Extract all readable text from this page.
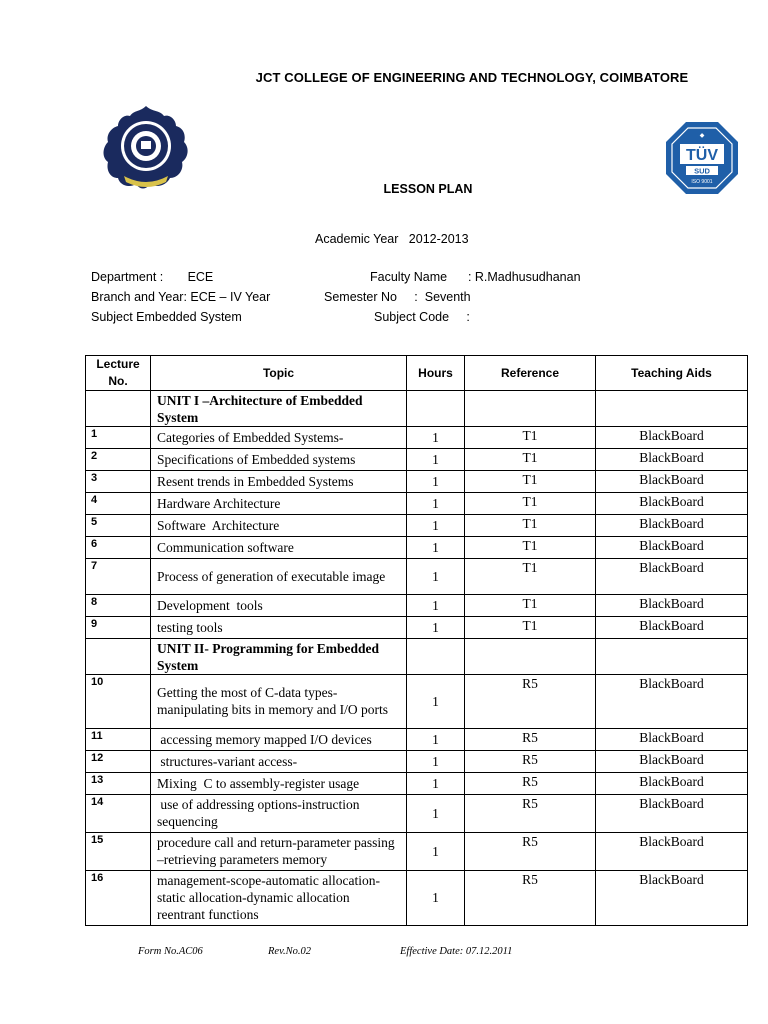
JCT COLLEGE OF ENGINEERING AND TECHNOLOGY, COIMBATORE
TÜV
SUD
ISO 9001
◆
LESSON PLAN
Academic Year   2012-2013
Department :       ECE
Branch and Year: ECE – IV Year
Subject Embedded System
Faculty Name      : R.Madhusudhanan
Semester No     :  Seventh
Subject Code     :
Lecture No.	Topic	Hours	Reference	Teaching Aids
	UNIT I –Architecture of Embedded System			
1	Categories of Embedded Systems-	1	T1	BlackBoard
2	Specifications of Embedded systems	1	T1	BlackBoard
3	Resent trends in Embedded Systems	1	T1	BlackBoard
4	Hardware Architecture	1	T1	BlackBoard
5	Software  Architecture	1	T1	BlackBoard
6	Communication software	1	T1	BlackBoard
7	Process of generation of executable image	1	T1	BlackBoard
8	Development  tools	1	T1	BlackBoard
9	testing tools	1	T1	BlackBoard
	UNIT II- Programming for Embedded System			
10	Getting the most of C-data types-manipulating bits in memory and I/O ports	1	R5	BlackBoard
11	accessing memory mapped I/O devices	1	R5	BlackBoard
12	structures-variant access-	1	R5	BlackBoard
13	Mixing  C to assembly-register usage	1	R5	BlackBoard
14	use of addressing options-instruction sequencing	1	R5	BlackBoard
15	procedure call and return-parameter passing –retrieving parameters memory	1	R5	BlackBoard
16	management-scope-automatic allocation-static allocation-dynamic allocation reentrant functions	1	R5	BlackBoard
Form No.AC06	Rev.No.02	Effective Date: 07.12.2011
